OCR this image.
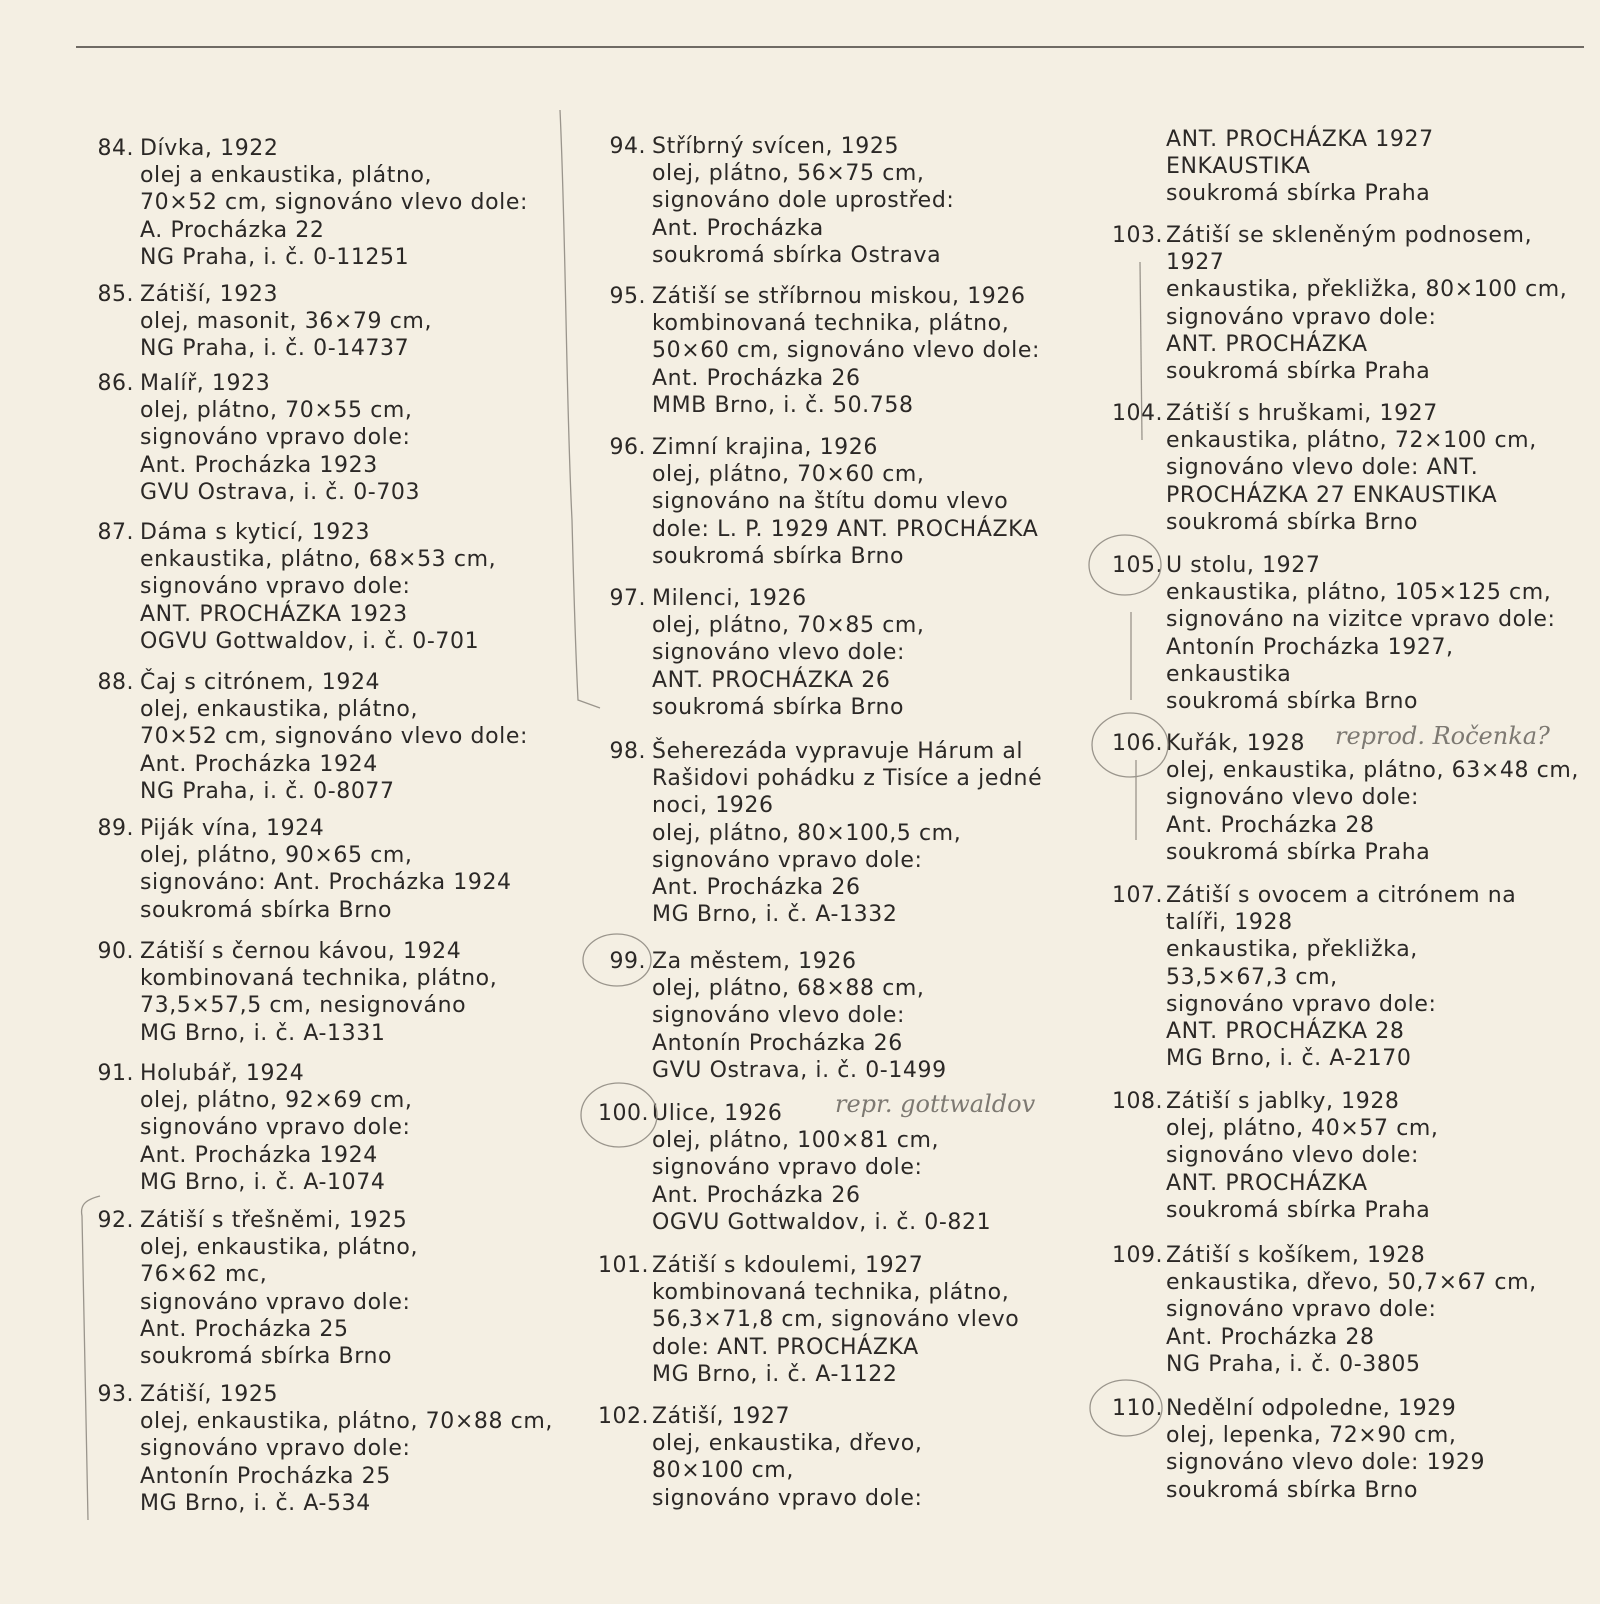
84. Dívka, 1922
olej a enkaustika, plátno,
70×52 cm, signováno vlevo dole:
A. Procházka 22
NG Praha, i. č. 0-11251
85. Zátiší, 1923
olej, masonit, 36×79 cm,
NG Praha, i. č. 0-14737
86. Malíř, 1923
olej, plátno, 70×55 cm,
signováno vpravo dole:
Ant. Procházka 1923
GVU Ostrava, i. č. 0-703
87. Dáma s kyticí, 1923
enkaustika, plátno, 68×53 cm,
signováno vpravo dole:
ANT. PROCHÁZKA 1923
OGVU Gottwaldov, i. č. 0-701
88. Čaj s citrónem, 1924
olej, enkaustika, plátno,
70×52 cm, signováno vlevo dole:
Ant. Procházka 1924
NG Praha, i. č. 0-8077
89. Piják vína, 1924
olej, plátno, 90×65 cm,
signováno: Ant. Procházka 1924
soukromá sbírka Brno
90. Zátiší s černou kávou, 1924
kombinovaná technika, plátno,
73,5×57,5 cm, nesignováno
MG Brno, i. č. A-1331
91. Holubář, 1924
olej, plátno, 92×69 cm,
signováno vpravo dole:
Ant. Procházka 1924
MG Brno, i. č. A-1074
92. Zátiší s třešněmi, 1925
olej, enkaustika, plátno,
76×62 mc,
signováno vpravo dole:
Ant. Procházka 25
soukromá sbírka Brno
93. Zátiší, 1925
olej, enkaustika, plátno, 70×88 cm,
signováno vpravo dole:
Antonín Procházka 25
MG Brno, i. č. A-534
94. Stříbrný svícen, 1925
olej, plátno, 56×75 cm,
signováno dole uprostřed:
Ant. Procházka
soukromá sbírka Ostrava
95. Zátiší se stříbrnou miskou, 1926
kombinovaná technika, plátno,
50×60 cm, signováno vlevo dole:
Ant. Procházka 26
MMB Brno, i. č. 50.758
96. Zimní krajina, 1926
olej, plátno, 70×60 cm,
signováno na štítu domu vlevo
dole: L. P. 1929 ANT. PROCHÁZKA
soukromá sbírka Brno
97. Milenci, 1926
olej, plátno, 70×85 cm,
signováno vlevo dole:
ANT. PROCHÁZKA 26
soukromá sbírka Brno
98. Šeherezáda vypravuje Hárum al
Rašidovi pohádku z Tisíce a jedné
noci, 1926
olej, plátno, 80×100,5 cm,
signováno vpravo dole:
Ant. Procházka 26
MG Brno, i. č. A-1332
99. Za městem, 1926
olej, plátno, 68×88 cm,
signováno vlevo dole:
Antonín Procházka 26
GVU Ostrava, i. č. 0-1499
100. Ulice, 1926
olej, plátno, 100×81 cm,
signováno vpravo dole:
Ant. Procházka 26
OGVU Gottwaldov, i. č. 0-821
101. Zátiší s kdoulemi, 1927
kombinovaná technika, plátno,
56,3×71,8 cm, signováno vlevo
dole: ANT. PROCHÁZKA
MG Brno, i. č. A-1122
102. Zátiší, 1927
olej, enkaustika, dřevo,
80×100 cm,
signováno vpravo dole:
ANT. PROCHÁZKA 1927
ENKAUSTIKA
soukromá sbírka Praha
103. Zátiší se skleněným podnosem,
1927
enkaustika, překližka, 80×100 cm,
signováno vpravo dole:
ANT. PROCHÁZKA
soukromá sbírka Praha
104. Zátiší s hruškami, 1927
enkaustika, plátno, 72×100 cm,
signováno vlevo dole: ANT.
PROCHÁZKA 27 ENKAUSTIKA
soukromá sbírka Brno
105. U stolu, 1927
enkaustika, plátno, 105×125 cm,
signováno na vizitce vpravo dole:
Antonín Procházka 1927,
enkaustika
soukromá sbírka Brno
106. Kuřák, 1928
olej, enkaustika, plátno, 63×48 cm,
signováno vlevo dole:
Ant. Procházka 28
soukromá sbírka Praha
107. Zátiší s ovocem a citrónem na
talíři, 1928
enkaustika, překližka,
53,5×67,3 cm,
signováno vpravo dole:
ANT. PROCHÁZKA 28
MG Brno, i. č. A-2170
108. Zátiší s jablky, 1928
olej, plátno, 40×57 cm,
signováno vlevo dole:
ANT. PROCHÁZKA
soukromá sbírka Praha
109. Zátiší s košíkem, 1928
enkaustika, dřevo, 50,7×67 cm,
signováno vpravo dole:
Ant. Procházka 28
NG Praha, i. č. 0-3805
110. Nedělní odpoledne, 1929
olej, lepenka, 72×90 cm,
signováno vlevo dole: 1929
soukromá sbírka Brno
repr. gottwaldov
reprod. Ročenka?
